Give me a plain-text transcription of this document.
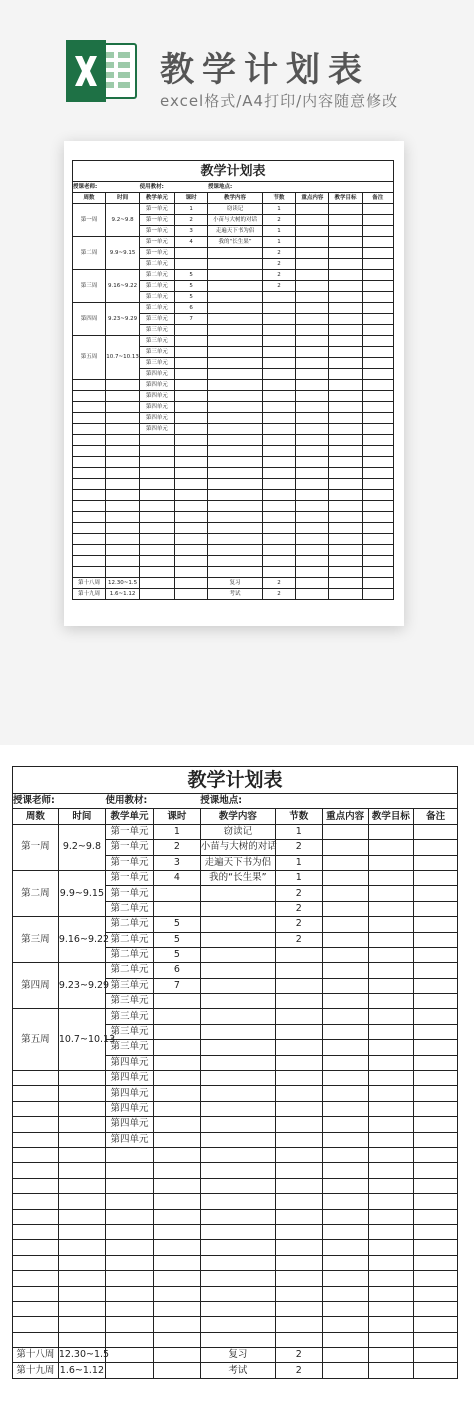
教学计划表
excel格式/A4打印/内容随意修改
教学计划表								
授课老师:		使用教材:		授课地点:				
周数	时间	教学单元	课时	教学内容	节数	重点内容	教学目标	备注
第一周	9.2~9.8	第一单元	1	窃读记	1			
		第一单元	2	小苗与大树的对话	2			
		第一单元	3	走遍天下书为侣	1			
第二周	9.9~9.15	第一单元	4	我的“长生果”	1			
		第一单元			2			
		第二单元			2			
第三周	9.16~9.22	第二单元	5		2			
		第二单元	5		2			
		第二单元	5					
第四周	9.23~9.29	第二单元	6					
		第三单元	7					
		第三单元						
第五周	10.7~10.13	第三单元						
		第三单元						
		第三单元						
		第四单元						
		第四单元						
		第四单元						
		第四单元						
		第四单元						
		第四单元						

第十八周	12.30~1.5			复习	2			
第十九周	1.6~1.12			考试	2			
教学计划表								
授课老师:		使用教材:		授课地点:				
周数	时间	教学单元	课时	教学内容	节数	重点内容	教学目标	备注
第一周	9.2~9.8	第一单元	1	窃读记	1			
		第一单元	2	小苗与大树的对话	2			
		第一单元	3	走遍天下书为侣	1			
第二周	9.9~9.15	第一单元	4	我的“长生果”	1			
		第一单元			2			
		第二单元			2			
第三周	9.16~9.22	第二单元	5		2			
		第二单元	5		2			
		第二单元	5					
第四周	9.23~9.29	第二单元	6					
		第三单元	7					
		第三单元						
第五周	10.7~10.13	第三单元						
		第三单元						
		第三单元						
		第四单元						
		第四单元						
		第四单元						
		第四单元						
		第四单元						
		第四单元						

第十八周	12.30~1.5			复习	2			
第十九周	1.6~1.12			考试	2			
